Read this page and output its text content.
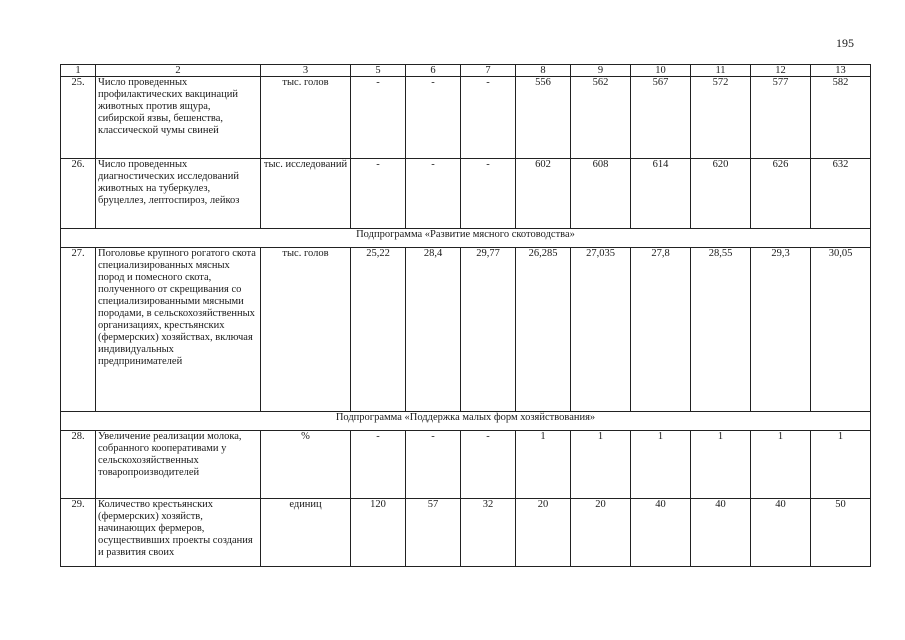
195
1	2	3	5	6	7	8	9	10	11	12	13
25.	Число проведенных профилактических вакцинаций животных против ящура, сибирской язвы, бешенства, классической чумы свиней	тыс. голов	-	-	-	556	562	567	572	577	582
26.	Число проведенных диагностических исследований животных на туберкулез, бруцеллез, лептоспироз, лейкоз	тыс. исследований	-	-	-	602	608	614	620	626	632
Подпрограмма «Развитие мясного скотоводства»											
27.	Поголовье крупного рогатого скота специализированных мясных пород и помесного скота, полученного от скрещивания со специализированными мясными породами, в сельскохозяйственных организациях, крестьянских (фермерских) хозяйствах, включая индивидуальных предпринимателей	тыс. голов	25,22	28,4	29,77	26,285	27,035	27,8	28,55	29,3	30,05
Подпрограмма «Поддержка малых форм хозяйствования»											
28.	Увеличение реализации молока, собранного кооперативами у сельскохозяйственных товаропроизводителей	%	-	-	-	1	1	1	1	1	1
29.	Количество крестьянских (фермерских) хозяйств, начинающих фермеров, осуществивших проекты создания и развития своих	единиц	120	57	32	20	20	40	40	40	50
